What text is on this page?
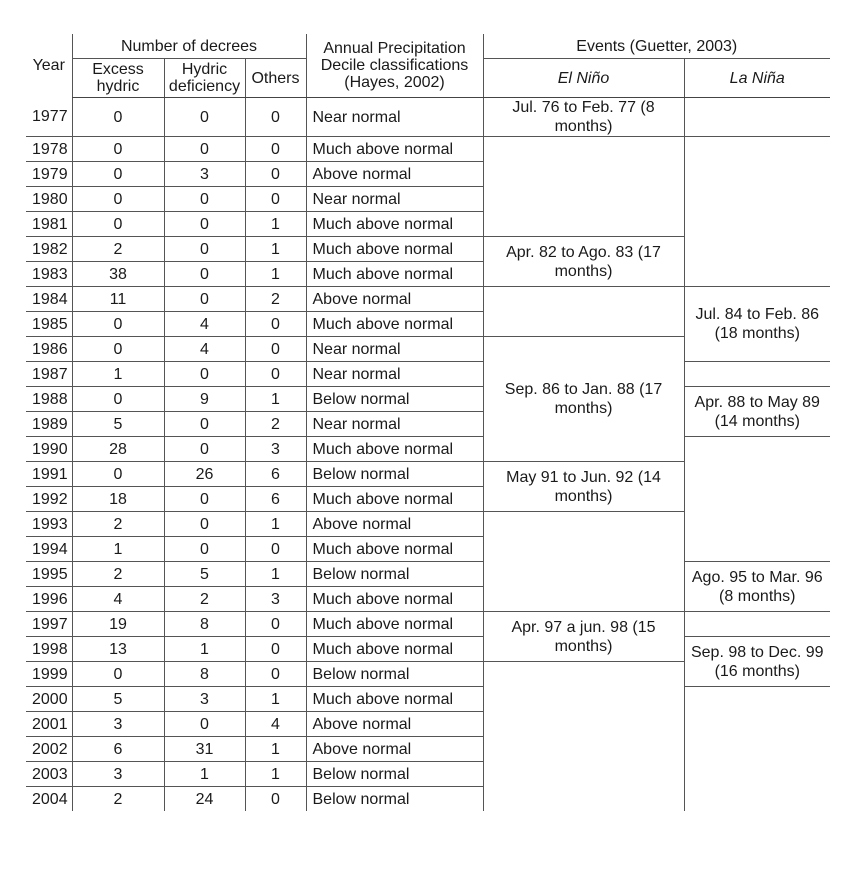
Year	Number of decrees			Annual Precipitation Decile classifications (Hayes, 2002)	Events (Guetter, 2003)	
	Excess hydric	Hydric deficiency	Others		El Niño	La Niña
1977	0	0	0	Near normal	Jul. 76 to Feb. 77 (8 months)	
1978	0	0	0	Much above normal		
1979	0	3	0	Above normal		
1980	0	0	0	Near normal		
1981	0	0	1	Much above normal		
1982	2	0	1	Much above normal	Apr. 82 to Ago. 83 (17 months)	
1983	38	0	1	Much above normal		
1984	11	0	2	Above normal		Jul. 84 to Feb. 86 (18 months)
1985	0	4	0	Much above normal		
1986	0	4	0	Near normal	Sep. 86 to Jan. 88 (17 months)	
1987	1	0	0	Near normal		
1988	0	9	1	Below normal		Apr. 88 to May 89 (14 months)
1989	5	0	2	Near normal		
1990	28	0	3	Much above normal		
1991	0	26	6	Below normal	May 91 to Jun. 92 (14 months)	
1992	18	0	6	Much above normal		
1993	2	0	1	Above normal		
1994	1	0	0	Much above normal		
1995	2	5	1	Below normal		Ago. 95 to Mar. 96 (8 months)
1996	4	2	3	Much above normal		
1997	19	8	0	Much above normal	Apr. 97 a jun. 98 (15 months)	
1998	13	1	0	Much above normal		Sep. 98 to Dec. 99 (16 months)
1999	0	8	0	Below normal		
2000	5	3	1	Much above normal		
2001	3	0	4	Above normal		
2002	6	31	1	Above normal		
2003	3	1	1	Below normal		
2004	2	24	0	Below normal		
